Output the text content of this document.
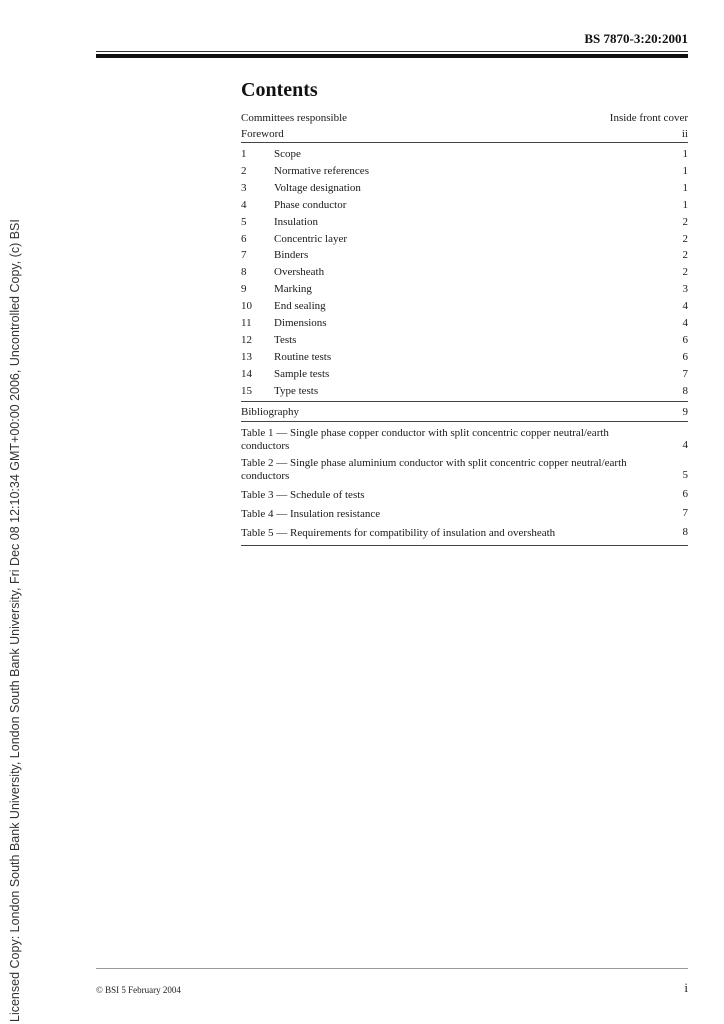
Licensed Copy: London South Bank University, London South Bank University, Fri Dec 08 12:10:34 GMT+00:00 2006, Uncontrolled Copy, (c) BSI
BS 7870-3:20:2001
Contents
Committees responsible	Inside front cover
Foreword	ii
1	Scope	1
2	Normative references	1
3	Voltage designation	1
4	Phase conductor	1
5	Insulation	2
6	Concentric layer	2
7	Binders	2
8	Oversheath	2
9	Marking	3
10	End sealing	4
11	Dimensions	4
12	Tests	6
13	Routine tests	6
14	Sample tests	7
15	Type tests	8
Bibliography	9
Table 1 — Single phase copper conductor with split concentric copper neutral/earth conductors	4
Table 2 — Single phase aluminium conductor with split concentric copper neutral/earth conductors	5
Table 3 — Schedule of tests	6
Table 4 — Insulation resistance	7
Table 5 — Requirements for compatibility of insulation and oversheath	8
© BSI 5 February 2004	i
